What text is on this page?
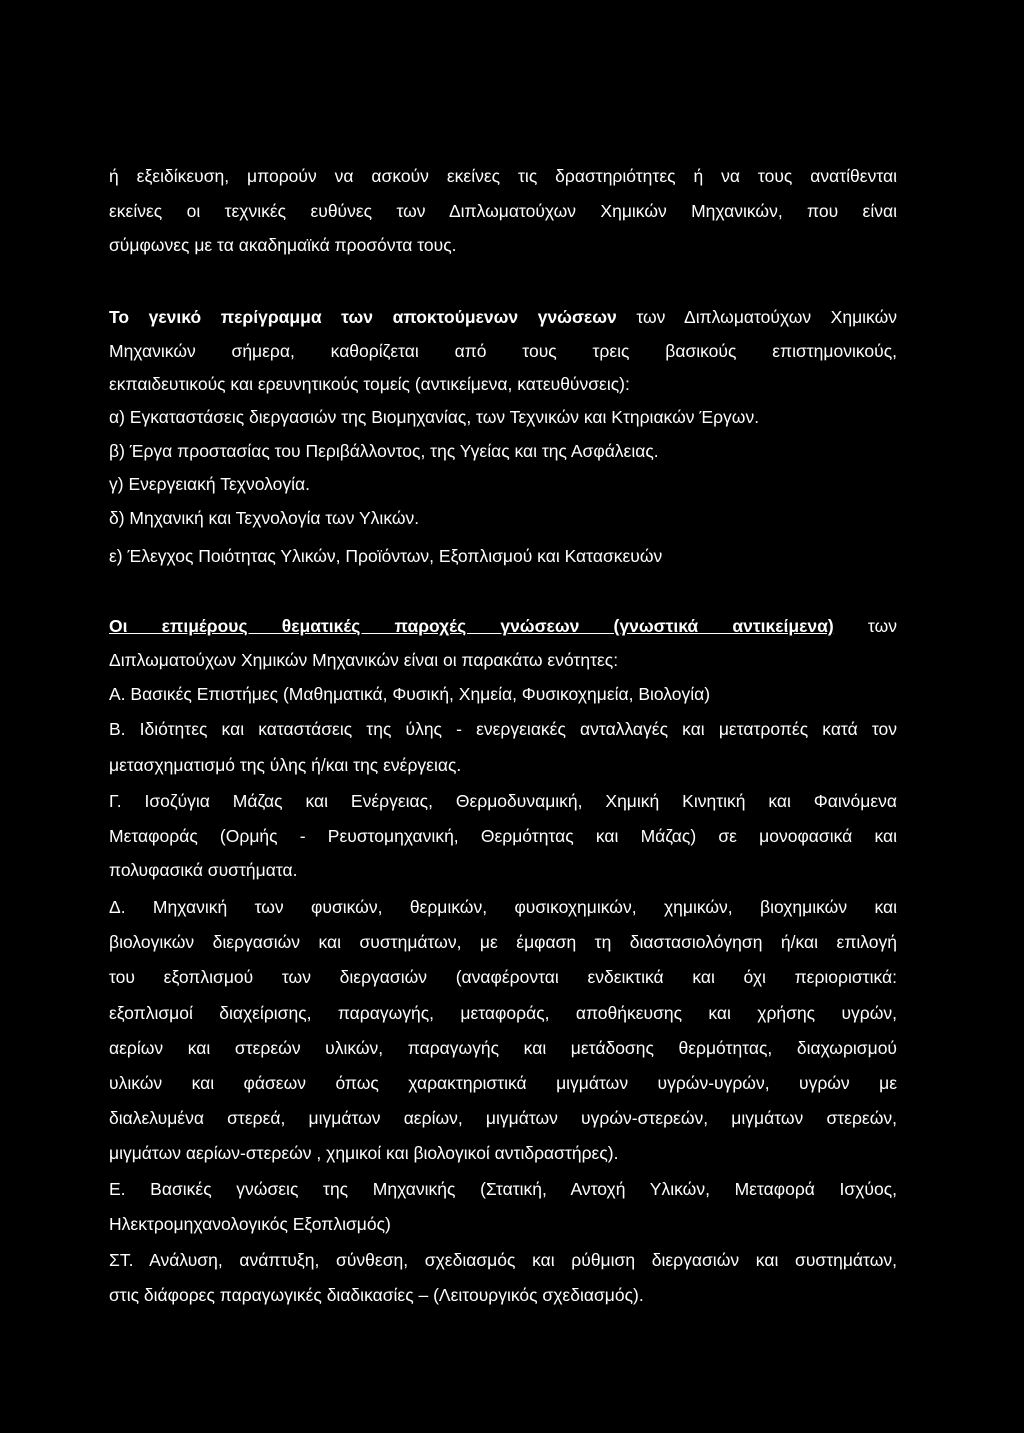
ή εξειδίκευση, μπορούν να ασκούν εκείνες τις δραστηριότητες ή να τους ανατίθενται
εκείνες οι τεχνικές ευθύνες των Διπλωματούχων Χημικών Μηχανικών, που είναι
σύμφωνες με τα ακαδημαϊκά προσόντα τους.
Το γενικό περίγραμμα των αποκτούμενων γνώσεων των Διπλωματούχων Χημικών
Μηχανικών σήμερα, καθορίζεται από τους τρεις βασικούς επιστημονικούς,
εκπαιδευτικούς και ερευνητικούς τομείς (αντικείμενα, κατευθύνσεις):
α) Εγκαταστάσεις διεργασιών της Βιομηχανίας, των Τεχνικών και Κτηριακών Έργων.
β) Έργα προστασίας του Περιβάλλοντος, της Υγείας και της Ασφάλειας.
γ) Ενεργειακή Τεχνολογία.
δ) Μηχανική και Τεχνολογία των Υλικών.
ε) Έλεγχος Ποιότητας Υλικών, Προϊόντων, Εξοπλισμού και Κατασκευών
Οι επιμέρους θεματικές παροχές γνώσεων (γνωστικά αντικείμενα) των
Διπλωματούχων Χημικών Μηχανικών είναι οι παρακάτω ενότητες:
Α. Βασικές Επιστήμες (Μαθηματικά, Φυσική, Χημεία, Φυσικοχημεία, Βιολογία)
Β. Ιδιότητες και καταστάσεις της ύλης - ενεργειακές ανταλλαγές και μετατροπές κατά τον
μετασχηματισμό της ύλης ή/και της ενέργειας.
Γ. Ισοζύγια Μάζας και Ενέργειας, Θερμοδυναμική, Χημική Κινητική και Φαινόμενα
Μεταφοράς (Ορμής - Ρευστομηχανική, Θερμότητας και Μάζας) σε μονοφασικά και
πολυφασικά συστήματα.
Δ. Μηχανική των φυσικών, θερμικών, φυσικοχημικών, χημικών, βιοχημικών και
βιολογικών διεργασιών και συστημάτων, με έμφαση τη διαστασιολόγηση ή/και επιλογή
του εξοπλισμού των διεργασιών (αναφέρονται ενδεικτικά και όχι περιοριστικά:
εξοπλισμοί διαχείρισης, παραγωγής, μεταφοράς, αποθήκευσης και χρήσης υγρών,
αερίων και στερεών υλικών, παραγωγής και μετάδοσης θερμότητας, διαχωρισμού
υλικών και φάσεων όπως χαρακτηριστικά μιγμάτων υγρών-υγρών, υγρών με
διαλελυμένα στερεά, μιγμάτων αερίων, μιγμάτων υγρών-στερεών, μιγμάτων στερεών,
μιγμάτων αερίων-στερεών , χημικοί και βιολογικοί αντιδραστήρες).
Ε. Βασικές γνώσεις της Μηχανικής (Στατική, Αντοχή Υλικών, Μεταφορά Ισχύος,
Ηλεκτρομηχανολογικός Εξοπλισμός)
ΣΤ. Ανάλυση, ανάπτυξη, σύνθεση, σχεδιασμός και ρύθμιση διεργασιών και συστημάτων,
στις διάφορες παραγωγικές διαδικασίες – (Λειτουργικός σχεδιασμός).
